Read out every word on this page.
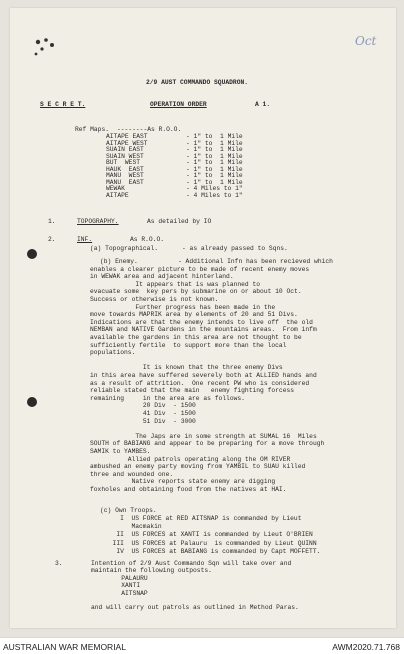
Oct
2/9 AUST COMMANDO SQUADRON.
S E C R E T.	OPERATION ORDER	A 1.
Ref Maps. --------As R.O.O.
AITAPE EAST	- 1" to  1 Mile
AITAPE WEST	- 1" to  1 Mile
SUAIN EAST	- 1" to  1 Mile
SUAIN WEST	- 1" to  1 Mile
BUT  WEST	- 1" to  1 Mile
HAUK  EAST	- 1" to  1 Mile
MANU  WEST	- 1" to  1 Mile
MANU  EAST	- 1" to  1 Mile
WEWAK	- 4 Miles to 1"
AITAPE	- 4 Miles to 1"
1.	TOPOGRAPHY.	As detailed by IO
2.	INF.	As R.O.O.
(a) Topographical.	- as already passed to Sqns.
(b) Enemy.	- Additional Infn has been recieved which
enables a clearer picture to be made of recent enemy moves
in WEWAK area and adjacent hinterland.
It appears that is was planned to
evacuate some  key pers by submarine on or about 10 Oct.
Success or otherwise is not known.
Further progress has been made in the
move towards MAPRIK area by elements of 20 and 51 Divs.
Indications are that the enemy intends to live off  the old
NEMBAN and NATIVE Gardens in the mountains areas.  From infm
available the gardens in this area are not thought to be
sufficiently fertile  to support more than the local
populations.
It is known that the three enemy Divs
in this area have suffered severely both at ALLIED hands and
as a result of attrition.  One recent PW who is considered
reliable stated that the main   enemy fighting forcess
remaining     in the area are as follows.
20 Div  - 1500
41 Div  - 1500
51 Div  - 3000
The Japs are in some strength at SUMAL 16  Miles
SOUTH of BABIANG and appear to be preparing for a move through
SAMIK to YAMBES.
Allied patrols operating along the OM RIVER
ambushed an enemy party moving from YAMBIL to SUAU killed
three and wounded one.
Native reports state enemy are digging
foxholes and obtaining food from the natives at HAI.
(c) Own Troops.
I  US FORCE at RED AITSNAP is commanded by Lieut
Macmakin
II  US FORCES at XANTI is commanded by Lieut O'BRIEN
III  US FORCES at Palauru  is commanded by Lieut QUINN
IV  US FORCES at BABIANG is commanded by Capt MOFFETT.
3.	Intention of 2/9 Aust Commando Sqn will take over and
maintain the following outposts.
PALAURU
XANTI
AITSNAP
and will carry out patrols as outlined in Method Paras.
AUSTRALIAN WAR MEMORIAL	AWM2020.71.768
